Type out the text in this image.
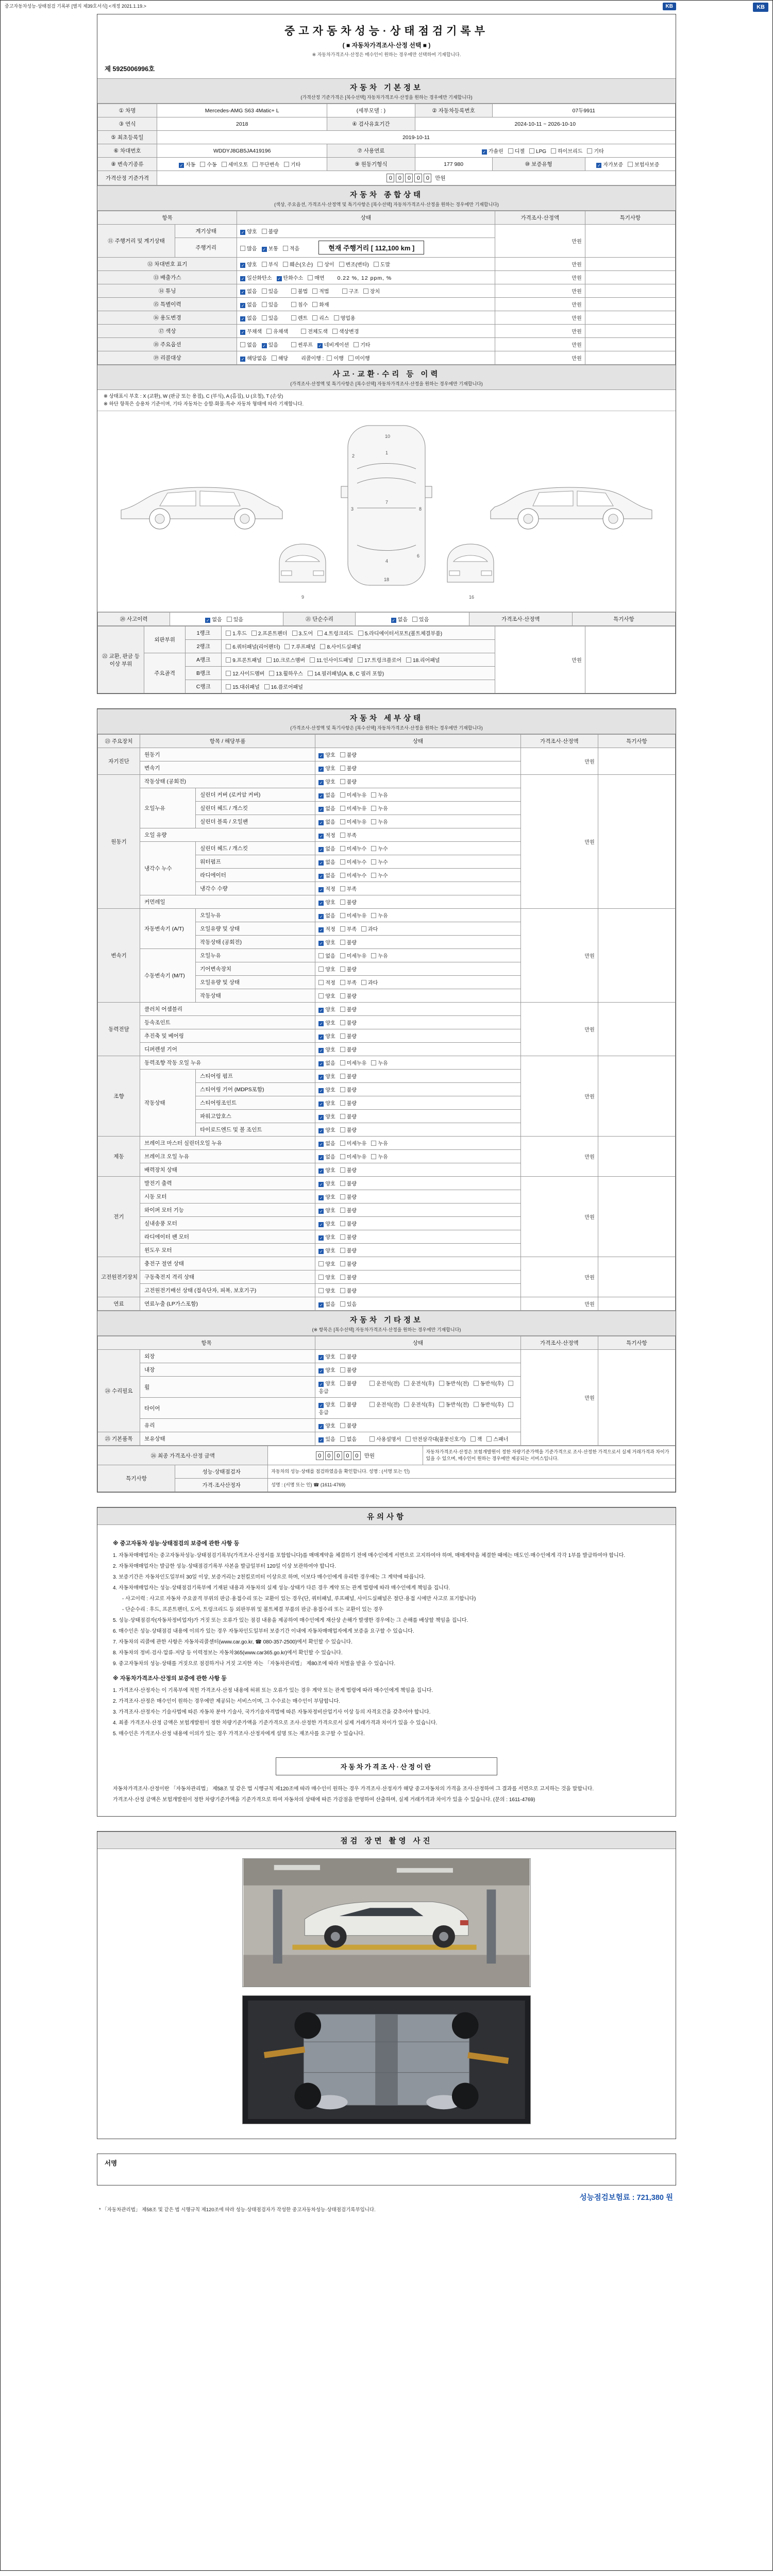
중고자동차성능·상태점검 기록부 [별지 제39호서식] <개정 2021.1.19.>	KB
KB
중고자동차성능·상태점검기록부
( ■ 자동차가격조사·산정 선택 ■ )
※ 자동차가격조사·산정은 매수인이 원하는 경우에만 선택하여 기재합니다.
제 5925006996호
자동차 기본정보
(가격산정 기준가격은 [복수선택] 자동차가격조사·산정을 원하는 경우에만 기재합니다)
① 차명	Mercedes-AMG S63 4Matic+ L	(세부모델 : )	② 자동차등록번호	07두9911	
③ 연식	2018	④ 검사유효기간	2024-10-11 ~ 2026-10-10		
⑤ 최초등록일	2019-10-11				
⑥ 차대번호	WDDYJ8GB5JA419196	⑦ 사용연료	✓가솔린 디젤 LPG 하이브리드 기타
⑧ 변속기종류	✓자동 수동 세미오토 무단변속 기타	⑨ 원동기형식	177 980	⑩ 보증유형	✓자가보증 보험사보증
가격산정 기준가격	0 0 0 0 0 만원				
자동차 종합상태
(색상, 주요옵션, 가격조사·산정액 및 특기사항은 [복수선택] 자동차가격조사·산정을 원하는 경우에만 기재합니다)
항목		상태	가격조사·산정액	특기사항
⑪ 주행거리 및 계기상태	계기상태	✓양호 불량	만원	
	주행거리	많음 ✓ 보통 적음 현재 주행거리 [ 112,100 km ]
⑫ 차대번호 표기	✓양호 부식 훼손(오손) 상이 변조(변타) 도말	만원	
⑬ 배출가스	✓일산화탄소 ✓ 탄화수소 매연 0.22 %, 12 ppm, %	만원	
⑭ 튜닝	✓없음 있음 불법 적법 구조 장치	만원	
⑮ 특별이력	✓없음 있음 침수 화재	만원	
⑯ 용도변경	✓없음 있음 렌트 리스 영업용	만원	
⑰ 색상	✓무채색 유채색 전체도색 색상변경	만원	
⑱ 주요옵션		없음 ✓ 있음 썬루프 ✓ 네비게이션 기타	만원	
⑲ 리콜대상	✓해당없음 해당 리콜이행 : 이행 미이행	만원	
사고·교환·수리 등 이력
(가격조사·산정액 및 특기사항은 [복수선택] 자동차가격조사·산정을 원하는 경우에만 기재합니다)
※ 상태표시 부호 : X (교환), W (판금 또는 용접), C (부식), A (흠집), U (요철), T (손상)
※ 하단 항목은 승용차 기준이며, 기타 자동차는 승합·화물·특수 자동차 형태에 따라 기재합니다.
10
1
7
4
18
2
3	8
6
9	16
⑳ 사고이력	✓없음 있음	㉑ 단순수리	✓없음 있음	가격조사·산정액	특기사항
㉒ 교환, 판금 등 이상 부위	외판부위	1랭크	1.후드 2.프론트펜더 3.도어 4.트렁크리드 5.라디에이터서포트(볼트체결부품)	만원	
		2랭크	6.쿼터패널(리어펜더) 7.루프패널 8.사이드실패널		
	주요골격	A랭크	9.프론트패널 10.크로스멤버 11.인사이드패널 17.트렁크플로어 18.리어패널		
		B랭크	12.사이드멤버 13.휠하우스 14.필러패널(A, B, C 필러 포함)		
		C랭크	15.대쉬패널 16.플로어패널		
자동차 세부상태
(가격조사·산정액 및 특기사항은 [복수선택] 자동차가격조사·산정을 원하는 경우에만 기재합니다)
㉓ 주요장치	항목 / 해당부품		상태	가격조사·산정액	특기사항
자기진단	원동기	✓양호 불량	만원	
	변속기	✓양호 불량
원동기	작동상태 (공회전)	✓양호 불량	만원	
	오일누유	실린더 커버 (로커암 커버)	✓없음 미세누유 누유
		실린더 헤드 / 개스킷	✓없음 미세누유 누유
		실린더 블록 / 오일팬	✓없음 미세누유 누유
	오일 유량	✓적정 부족
	냉각수 누수	실린더 헤드 / 개스킷	✓없음 미세누수 누수
		워터펌프	✓없음 미세누수 누수
		라디에이터	✓없음 미세누수 누수
		냉각수 수량	✓적정 부족
	커먼레일	✓양호 불량
변속기	자동변속기 (A/T)	오일누유	✓없음 미세누유 누유	만원	
		오일유량 및 상태	✓적정 부족 과다
		작동상태 (공회전)	✓양호 불량
	수동변속기 (M/T)	오일누유	없음 미세누유 누유		
		기어변속장치	양호 불량		
		오일유량 및 상태	적정 부족 과다		
		작동상태	양호 불량		
동력전달	클러치 어셈블리	✓양호 불량	만원	
	등속조인트	✓양호 불량
	추진축 및 베어링	✓양호 불량
	디퍼렌셜 기어	✓양호 불량
조향	동력조향 작동 오일 누유	✓없음 미세누유 누유	만원	
	작동상태	스티어링 펌프	✓양호 불량
		스티어링 기어 (MDPS포함)	✓양호 불량
		스티어링조인트	✓양호 불량
		파워고압호스	✓양호 불량
		타이로드엔드 및 볼 조인트	✓양호 불량
제동	브레이크 마스터 실린더오일 누유	✓없음 미세누유 누유	만원	
	브레이크 오일 누유	✓없음 미세누유 누유
	배력장치 상태	✓양호 불량
전기	발전기 출력	✓양호 불량	만원	
	시동 모터	✓양호 불량
	와이퍼 모터 기능	✓양호 불량
	실내송풍 모터	✓양호 불량
	라디에이터 팬 모터	✓양호 불량
	윈도우 모터	✓양호 불량
고전원전기장치	충전구 절연 상태		양호 불량	만원	
	구동축전지 격리 상태		양호 불량		
	고전원전기배선 상태 (접속단자, 피복, 보호기구)		양호 불량		
연료	연료누출 (LP가스포함)	✓없음 있음	만원	
자동차 기타정보
(※ 항목은 [복수선택] 자동차가격조사·산정을 원하는 경우에만 기재합니다)
항목		상태	가격조사·산정액	특기사항
㉔ 수리필요	외장	✓양호 불량	만원	
	내장	✓양호 불량
	휠	✓양호 불량 운전석(전) 운전석(후) 동반석(전) 동반석(후)응급
	타이어	✓양호 불량 운전석(전) 운전석(후) 동반석(전) 동반석(후)응급
	유리	✓양호 불량
㉕ 기본품목	보유상태	✓있음 없음 사용설명서 안전삼각대(불꽃신호기) 잭 스패너
㉖ 최종 가격조사·산정 금액		0 0 0 0 0 만원	자동차가격조사·산정은 보험개발원이 정한 차량기준가액을 기준가격으로 조사·산정한 가격으로서 실제 거래가격과 차이가 있을 수 있으며, 매수인이 원하는 경우에만 제공되는 서비스입니다.
특기사항	성능·상태점검자	자동차의 성능·상태를 점검하였음을 확인합니다. 성명 : (서명 또는 인)	
	가격·조사산정자	성명 : (서명 또는 인) ☎ (1611-4769)	
유의사항
※ 중고자동차 성능·상태점검의 보증에 관한 사항 등
1. 자동차매매업자는 중고자동차성능·상태점검기록부(가격조사·산정서를 포함합니다)를 매매계약을 체결하기 전에 매수인에게 서면으로 고지하여야 하며, 매매계약을 체결한 때에는 매도인·매수인에게 각각 1부를 발급하여야 합니다.
2. 자동차매매업자는 발급한 성능·상태점검기록부 사본을 발급일부터 120일 이상 보관하여야 합니다.
3. 보증기간은 자동차인도일부터 30일 이상, 보증거리는 2천킬로미터 이상으로 하며, 이보다 매수인에게 유리한 경우에는 그 계약에 따릅니다.
4. 자동차매매업자는 성능·상태점검기록부에 기재된 내용과 자동차의 실제 성능·상태가 다른 경우 계약 또는 관계 법령에 따라 매수인에게 책임을 집니다.
- 사고이력 : 사고로 자동차 주요골격 부위의 판금·용접수리 또는 교환이 있는 경우(단, 쿼터패널, 루프패널, 사이드실패널은 절단·용접 시에만 사고로 표기합니다)
- 단순수리 : 후드, 프론트펜더, 도어, 트렁크리드 등 외판부위 및 볼트체결 부품의 판금·용접수리 또는 교환이 있는 경우
5. 성능·상태점검자(자동차정비업자)가 거짓 또는 오류가 있는 점검 내용을 제공하여 매수인에게 재산상 손해가 발생한 경우에는 그 손해를 배상할 책임을 집니다.
6. 매수인은 성능·상태점검 내용에 이의가 있는 경우 자동차인도일부터 보증기간 이내에 자동차매매업자에게 보증을 요구할 수 있습니다.
7. 자동차의 리콜에 관한 사항은 자동차리콜센터(www.car.go.kr, ☎ 080-357-2500)에서 확인할 수 있습니다.
8. 자동차의 정비·검사·압류·저당 등 이력정보는 자동차365(www.car365.go.kr)에서 확인할 수 있습니다.
9. 중고자동차의 성능·상태를 거짓으로 점검하거나 거짓 고지한 자는 「자동차관리법」 제80조에 따라 처벌을 받을 수 있습니다.
※ 자동차가격조사·산정의 보증에 관한 사항 등
1. 가격조사·산정자는 이 기록부에 적힌 가격조사·산정 내용에 허위 또는 오류가 있는 경우 계약 또는 관계 법령에 따라 매수인에게 책임을 집니다.
2. 가격조사·산정은 매수인이 원하는 경우에만 제공되는 서비스이며, 그 수수료는 매수인이 부담합니다.
3. 가격조사·산정자는 기술사법에 따른 자동차 분야 기술사, 국가기술자격법에 따른 자동차정비산업기사 이상 등의 자격요건을 갖추어야 합니다.
4. 최종 가격조사·산정 금액은 보험개발원이 정한 차량기준가액을 기준가격으로 조사·산정한 가격으로서 실제 거래가격과 차이가 있을 수 있습니다.
5. 매수인은 가격조사·산정 내용에 이의가 있는 경우 가격조사·산정자에게 설명 또는 재조사를 요구할 수 있습니다.
자동차가격조사·산정이란

자동차가격조사·산정이란 「자동차관리법」 제58조 및 같은 법 시행규칙 제120조에 따라 매수인이 원하는 경우 가격조사·산정자가 해당 중고자동차의 가격을 조사·산정하여 그 결과를 서면으로 고지하는 것을 말합니다.

가격조사·산정 금액은 보험개발원이 정한 차량기준가액을 기준가격으로 하여 자동차의 상태에 따른 가감점을 반영하여 산출하며, 실제 거래가격과 차이가 있을 수 있습니다. (문의 : 1611-4769)

점검 장면 촬영 사진
서명
성능점검보험료 : 721,380 원
* 「자동차관리법」 제58조 및 같은 법 시행규칙 제120조에 따라 성능·상태점검자가 작성한 중고자동차성능·상태점검기록부입니다.
